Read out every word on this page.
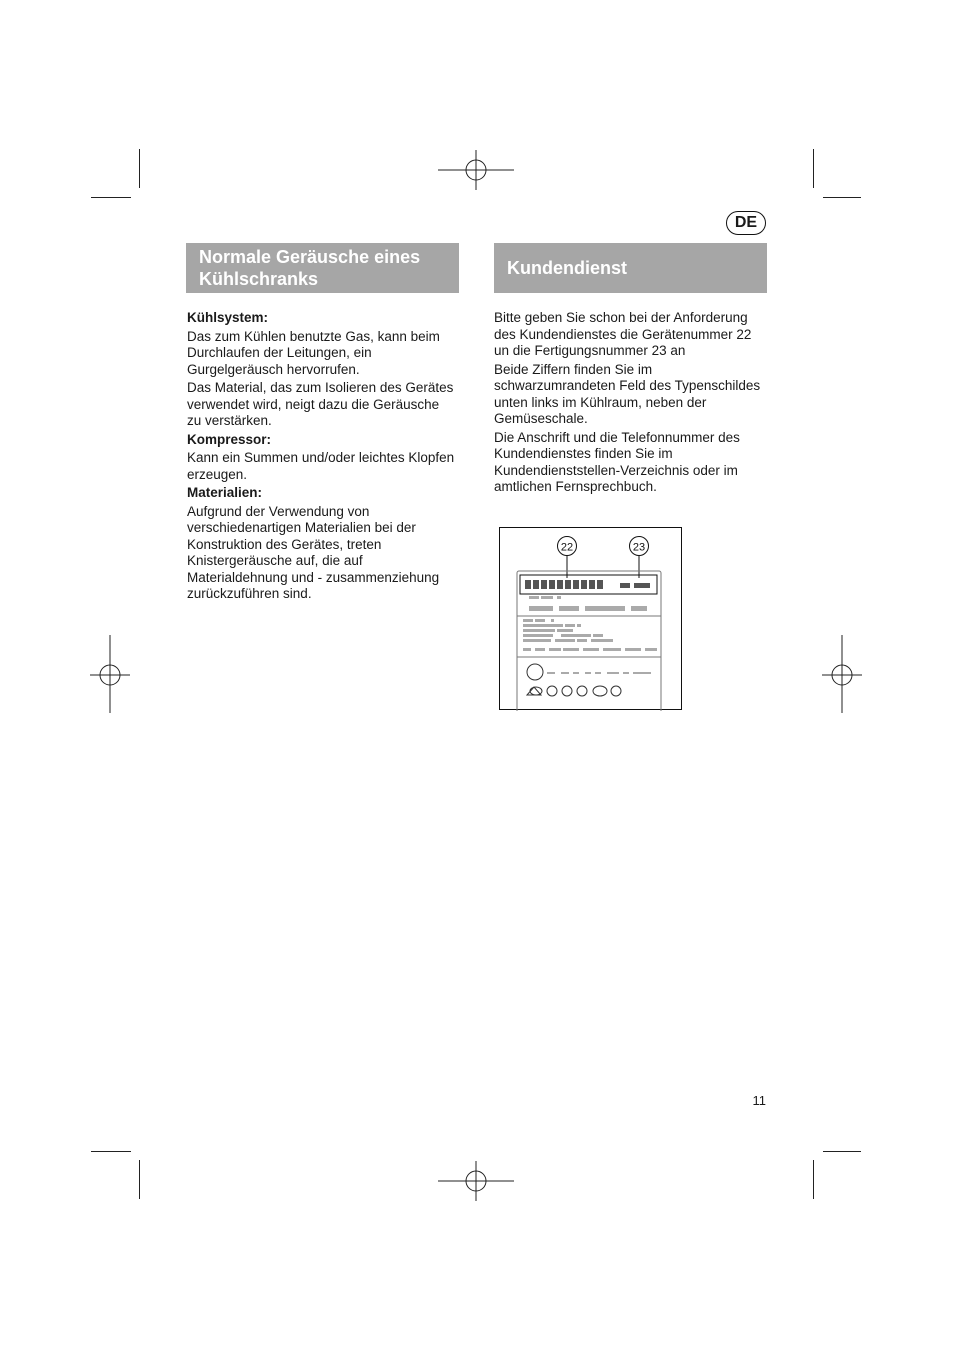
DE
Normale Geräusche eines
Kühlschranks
Kundendienst
Kühlsystem:

Das zum Kühlen benutzte Gas, kann beim Durchlaufen der Leitungen, ein Gurgelgeräusch hervorrufen.

Das Material, das zum Isolieren des Gerätes verwendet wird, neigt dazu die Geräusche zu verstärken.

Kompressor:

Kann ein Summen und/oder leichtes Klopfen erzeugen.

Materialien:

Aufgrund der Verwendung von verschiedenartigen Materialien bei der Konstruktion des Gerätes, treten Knistergeräusche auf, die auf Materialdehnung und - zusammenziehung zurückzuführen sind.

Bitte geben Sie schon bei der Anforderung des Kundendienstes die Gerätenummer 22 un die Fertigungsnummer 23 an

Beide Ziffern finden Sie im schwarzumrandeten Feld des Typenschildes unten links im Kühlraum, neben der Gemüseschale.

Die Anschrift und die Telefonnummer des Kundendienstes finden Sie im Kundendienststellen-Verzeichnis oder im amtlichen Fernsprechbuch.

22	23
11
